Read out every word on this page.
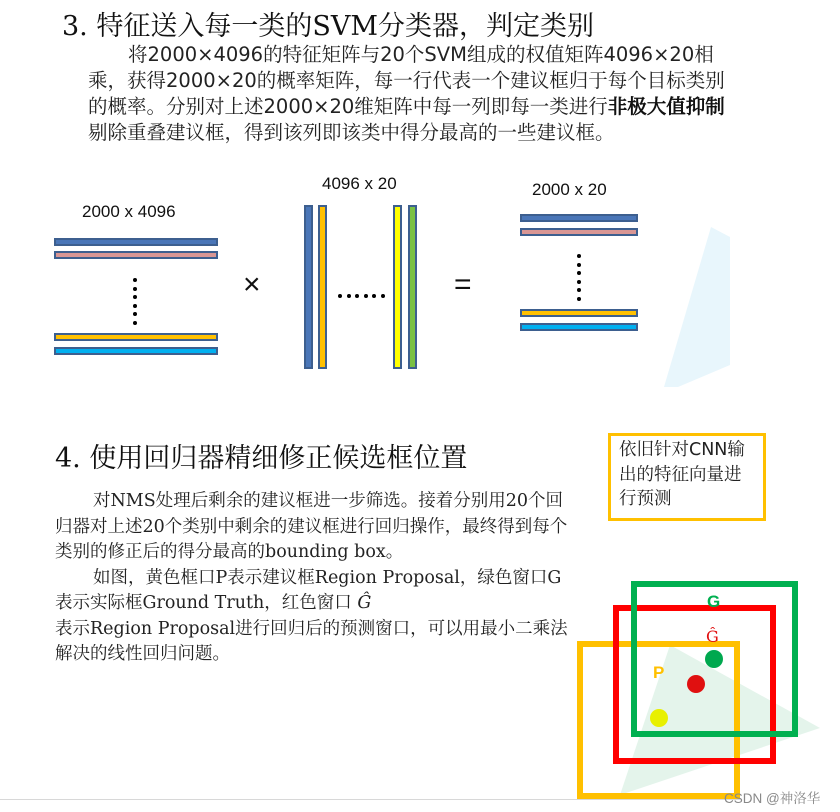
3. 特征送入每一类的SVM分类器，判定类别
将2000×4096的特征矩阵与20个SVM组成的权值矩阵4096×20相乘，获得2000×20的概率矩阵，每一行代表一个建议框归于每个目标类别的概率。分别对上述2000×20维矩阵中每一列即每一类进行非极大值抑制剔除重叠建议框，得到该列即该类中得分最高的一些建议框。
2000 x 4096
4096 x 20	2000 x 20
×	=
4. 使用回归器精细修正候选框位置
对NMS处理后剩余的建议框进一步筛选。接着分别用20个回归器对上述20个类别中剩余的建议框进行回归操作，最终得到每个类别的修正后的得分最高的bounding box。
如图，黄色框口P表示建议框Region Proposal，绿色窗口G表示实际框Ground Truth，红色窗口 Ĝ
表示Region Proposal进行回归后的预测窗口，可以用最小二乘法解决的线性回归问题。
依旧针对CNN输出的特征向量进行预测
G
Ĝ
P
CSDN @神洛华
